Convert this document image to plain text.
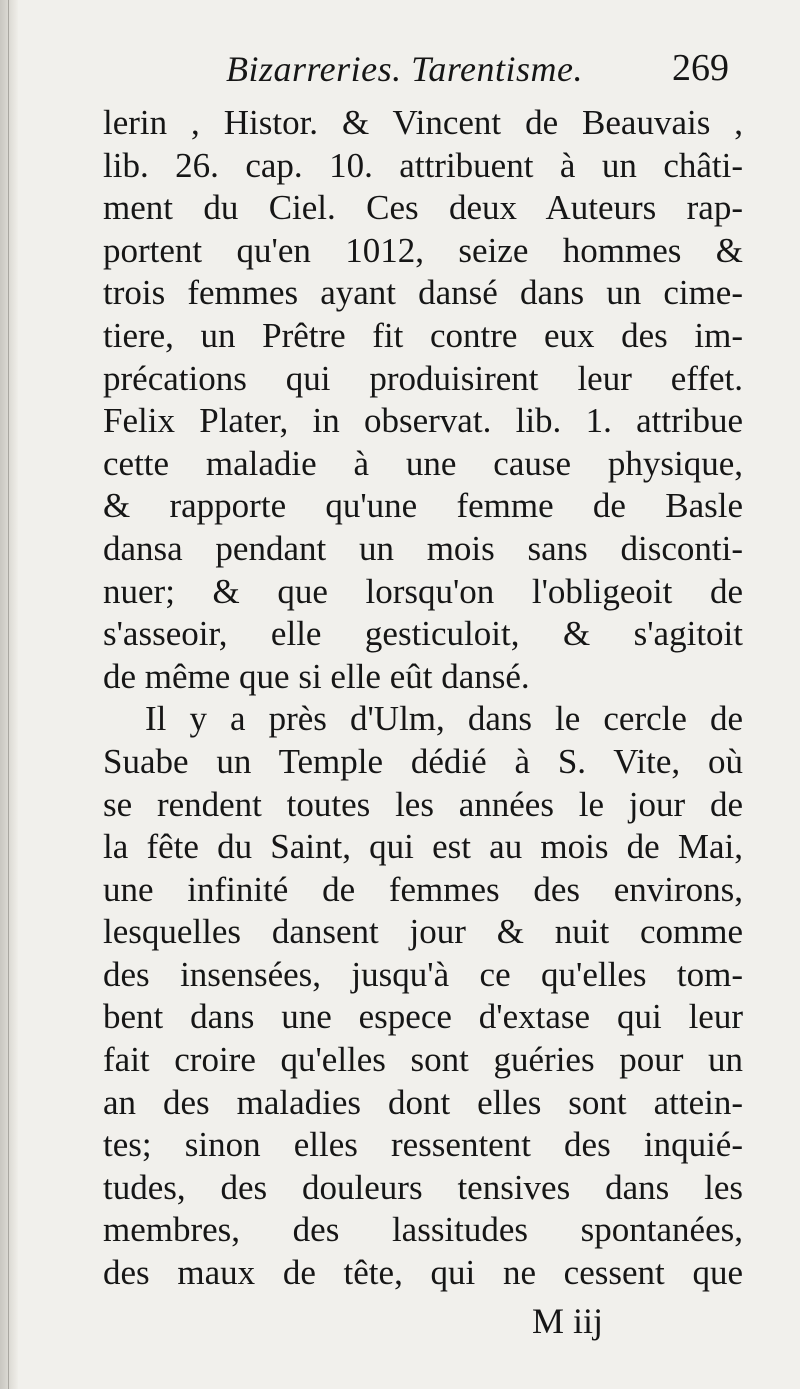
Bizarreries. Tarentisme. 269
lerin , Histor. & Vincent de Beauvais ,
lib. 26. cap. 10. attribuent à un châti-
ment du Ciel. Ces deux Auteurs rap-
portent qu'en 1012, seize hommes &
trois femmes ayant dansé dans un cime-
tiere, un Prêtre fit contre eux des im-
précations qui produisirent leur effet.
Felix Plater, in observat. lib. 1. attribue
cette maladie à une cause physique,
& rapporte qu'une femme de Basle
dansa pendant un mois sans disconti-
nuer; & que lorsqu'on l'obligeoit de
s'asseoir, elle gesticuloit, & s'agitoit
de même que si elle eût dansé.
Il y a près d'Ulm, dans le cercle de
Suabe un Temple dédié à S. Vite, où
se rendent toutes les années le jour de
la fête du Saint, qui est au mois de Mai,
une infinité de femmes des environs,
lesquelles dansent jour & nuit comme
des insensées, jusqu'à ce qu'elles tom-
bent dans une espece d'extase qui leur
fait croire qu'elles sont guéries pour un
an des maladies dont elles sont attein-
tes; sinon elles ressentent des inquié-
tudes, des douleurs tensives dans les
membres, des lassitudes spontanées,
des maux de tête, qui ne cessent que
M iij
